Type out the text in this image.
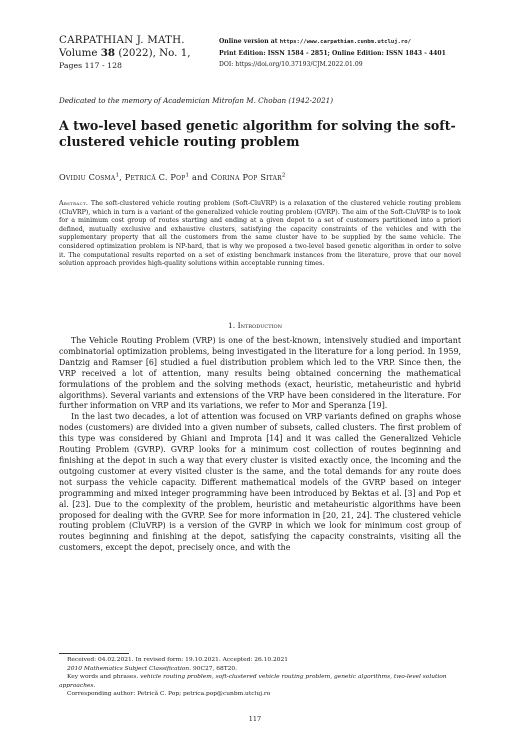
CARPATHIAN J. MATH.
Volume 38 (2022), No. 1,
Pages 117 - 128
Online version at https://www.carpathian.cunbm.utcluj.ro/
Print Edition: ISSN 1584 - 2851; Online Edition: ISSN 1843 - 4401
DOI: https://doi.org/10.37193/CJM.2022.01.09
Dedicated to the memory of Academician Mitrofan M. Choban (1942-2021)
A two-level based genetic algorithm for solving the soft-clustered vehicle routing problem
Ovidiu Cosma$^1$, Petrică C. Pop$^1$ and Corina Pop Sitar$^2$
Abstract. The soft-clustered vehicle routing problem (Soft-CluVRP) is a relaxation of the clustered vehicle routing problem (CluVRP), which in turn is a variant of the generalized vehicle routing problem (GVRP). The aim of the Soft-CluVRP is to look for a minimum cost group of routes starting and ending at a given depot to a set of customers partitioned into a priori defined, mutually exclusive and exhaustive clusters, satisfying the capacity constraints of the vehicles and with the supplementary property that all the customers from the same cluster have to be supplied by the same vehicle. The considered optimization problem is NP-hard, that is why we proposed a two-level based genetic algorithm in order to solve it. The computational results reported on a set of existing benchmark instances from the literature, prove that our novel solution approach provides high-quality solutions within acceptable running times.
1. Introduction

The Vehicle Routing Problem (VRP) is one of the best-known, intensively studied and important combinatorial optimization problems, being investigated in the literature for a long period. In 1959, Dantzig and Ramser [6] studied a fuel distribution problem which led to the VRP. Since then, the VRP received a lot of attention, many results being obtained concerning the mathematical formulations of the problem and the solving methods (exact, heuristic, metaheuristic and hybrid algorithms). Several variants and extensions of the VRP have been considered in the literature. For further information on VRP and its variations, we refer to Mor and Speranza [19].

In the last two decades, a lot of attention was focused on VRP variants defined on graphs whose nodes (customers) are divided into a given number of subsets, called clusters. The first problem of this type was considered by Ghiani and Improta [14] and it was called the Generalized Vehicle Routing Problem (GVRP). GVRP looks for a minimum cost collection of routes beginning and finishing at the depot in such a way that every cluster is visited exactly once, the incoming and the outgoing customer at every visited cluster is the same, and the total demands for any route does not surpass the vehicle capacity. Different mathematical models of the GVRP based on integer programming and mixed integer programming have been introduced by Bektas et al. [3] and Pop et al. [23]. Due to the complexity of the problem, heuristic and metaheuristic algorithms have been proposed for dealing with the GVRP. See for more information in [20, 21, 24]. The clustered vehicle routing problem (CluVRP) is a version of the GVRP in which we look for minimum cost group of routes beginning and finishing at the depot, satisfying the capacity constraints, visiting all the customers, except the depot, precisely once, and with the

Received: 04.02.2021. In revised form: 19.10.2021. Accepted: 26.10.2021
2010 Mathematics Subject Classification. 90C27, 68T20.
Key words and phrases. vehicle routing problem, soft-clustered vehicle routing problem, genetic algorithms, two-level solution approaches.
Corresponding author: Petrică C. Pop; petrica.pop@cunbm.utcluj.ro
117
